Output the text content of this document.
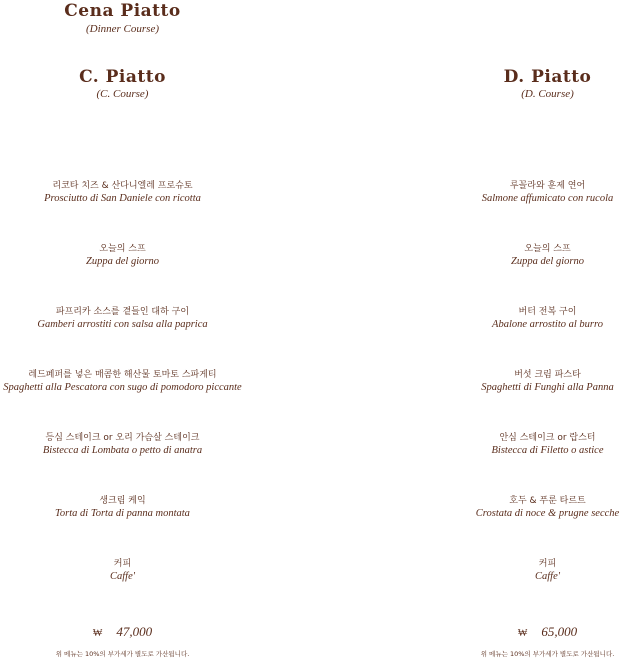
Cena Piatto
(Dinner Course)
C. Piatto
(C. Course)
리코타 치즈 & 산다니엘레 프로슈토
Prosciutto di San Daniele con ricotta
오늘의 스프
Zuppa del giorno
파프리카 소스를 곁들인 대하 구이
Gamberi arrostiti con salsa alla paprica
레드페퍼를 넣은 매콤한 해산물 토마토 스파게티
Spaghetti alla Pescatora con sugo di pomodoro piccante
등심 스테이크 or 오리 가슴살 스테이크
Bistecca di Lombata o petto di anatra
생크림 케익
Torta di Torta di panna montata
커피
Caffe'
₩ 47,000
위 메뉴는 10%의 부가세가 별도로 가산됩니다.
D. Piatto
(D. Course)
루꼴라와 훈제 연어
Salmone affumicato con rucola
오늘의 스프
Zuppa del giorno
버터 전복 구이
Abalone arrostito al burro
버섯 크림 파스타
Spaghetti di Funghi alla Panna
안심 스테이크 or 랍스터
Bistecca di Filetto o astice
호두 & 푸룬 타르트
Crostata di noce & prugne secche
커피
Caffe'
₩ 65,000
위 메뉴는 10%의 부가세가 별도로 가산됩니다.
